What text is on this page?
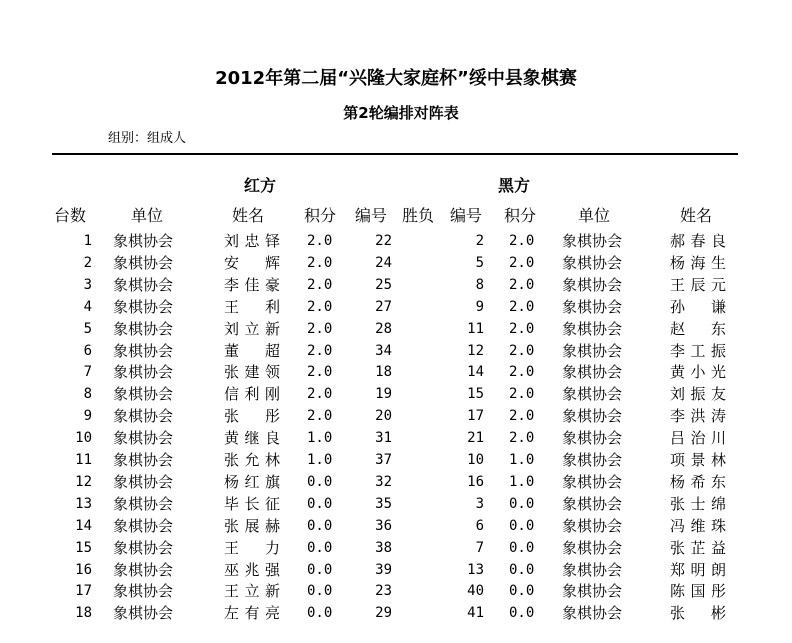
2012年第二届“兴隆大家庭杯”绥中县象棋赛
第2轮编排对阵表
组别：组成人
红方	黑方
台数	单位	姓名 积分 编号 胜负 编号 积分	单位	姓名
1 象棋协会	刘忠铎 2.0	22	2 2.0 象棋协会	郝春良
2 象棋协会	安辉 2.0	24	5 2.0 象棋协会	杨海生
3 象棋协会	李佳豪 2.0	25	8 2.0 象棋协会	王辰元
4 象棋协会	王利 2.0	27	9 2.0 象棋协会	孙谦
5 象棋协会	刘立新 2.0	28	11 2.0 象棋协会	赵东
6 象棋协会	董超 2.0	34	12 2.0 象棋协会	李工振
7 象棋协会	张建领 2.0	18	14 2.0 象棋协会	黄小光
8 象棋协会	信利刚 2.0	19	15 2.0 象棋协会	刘振友
9 象棋协会	张彤 2.0	20	17 2.0 象棋协会	李洪涛
10 象棋协会	黄继良 1.0	31	21 2.0 象棋协会	吕治川
11 象棋协会	张允林 1.0	37	10 1.0 象棋协会	项景林
12 象棋协会	杨红旗 0.0	32	16 1.0 象棋协会	杨希东
13 象棋协会	毕长征 0.0	35	3 0.0 象棋协会	张士绵
14 象棋协会	张展赫 0.0	36	6 0.0 象棋协会	冯维珠
15 象棋协会	王力 0.0	38	7 0.0 象棋协会	张芷益
16 象棋协会	巫兆强 0.0	39	13 0.0 象棋协会	郑明朗
17 象棋协会	王立新 0.0	23	40 0.0 象棋协会	陈国彤
18 象棋协会	左有亮 0.0	29	41 0.0 象棋协会	张彬
